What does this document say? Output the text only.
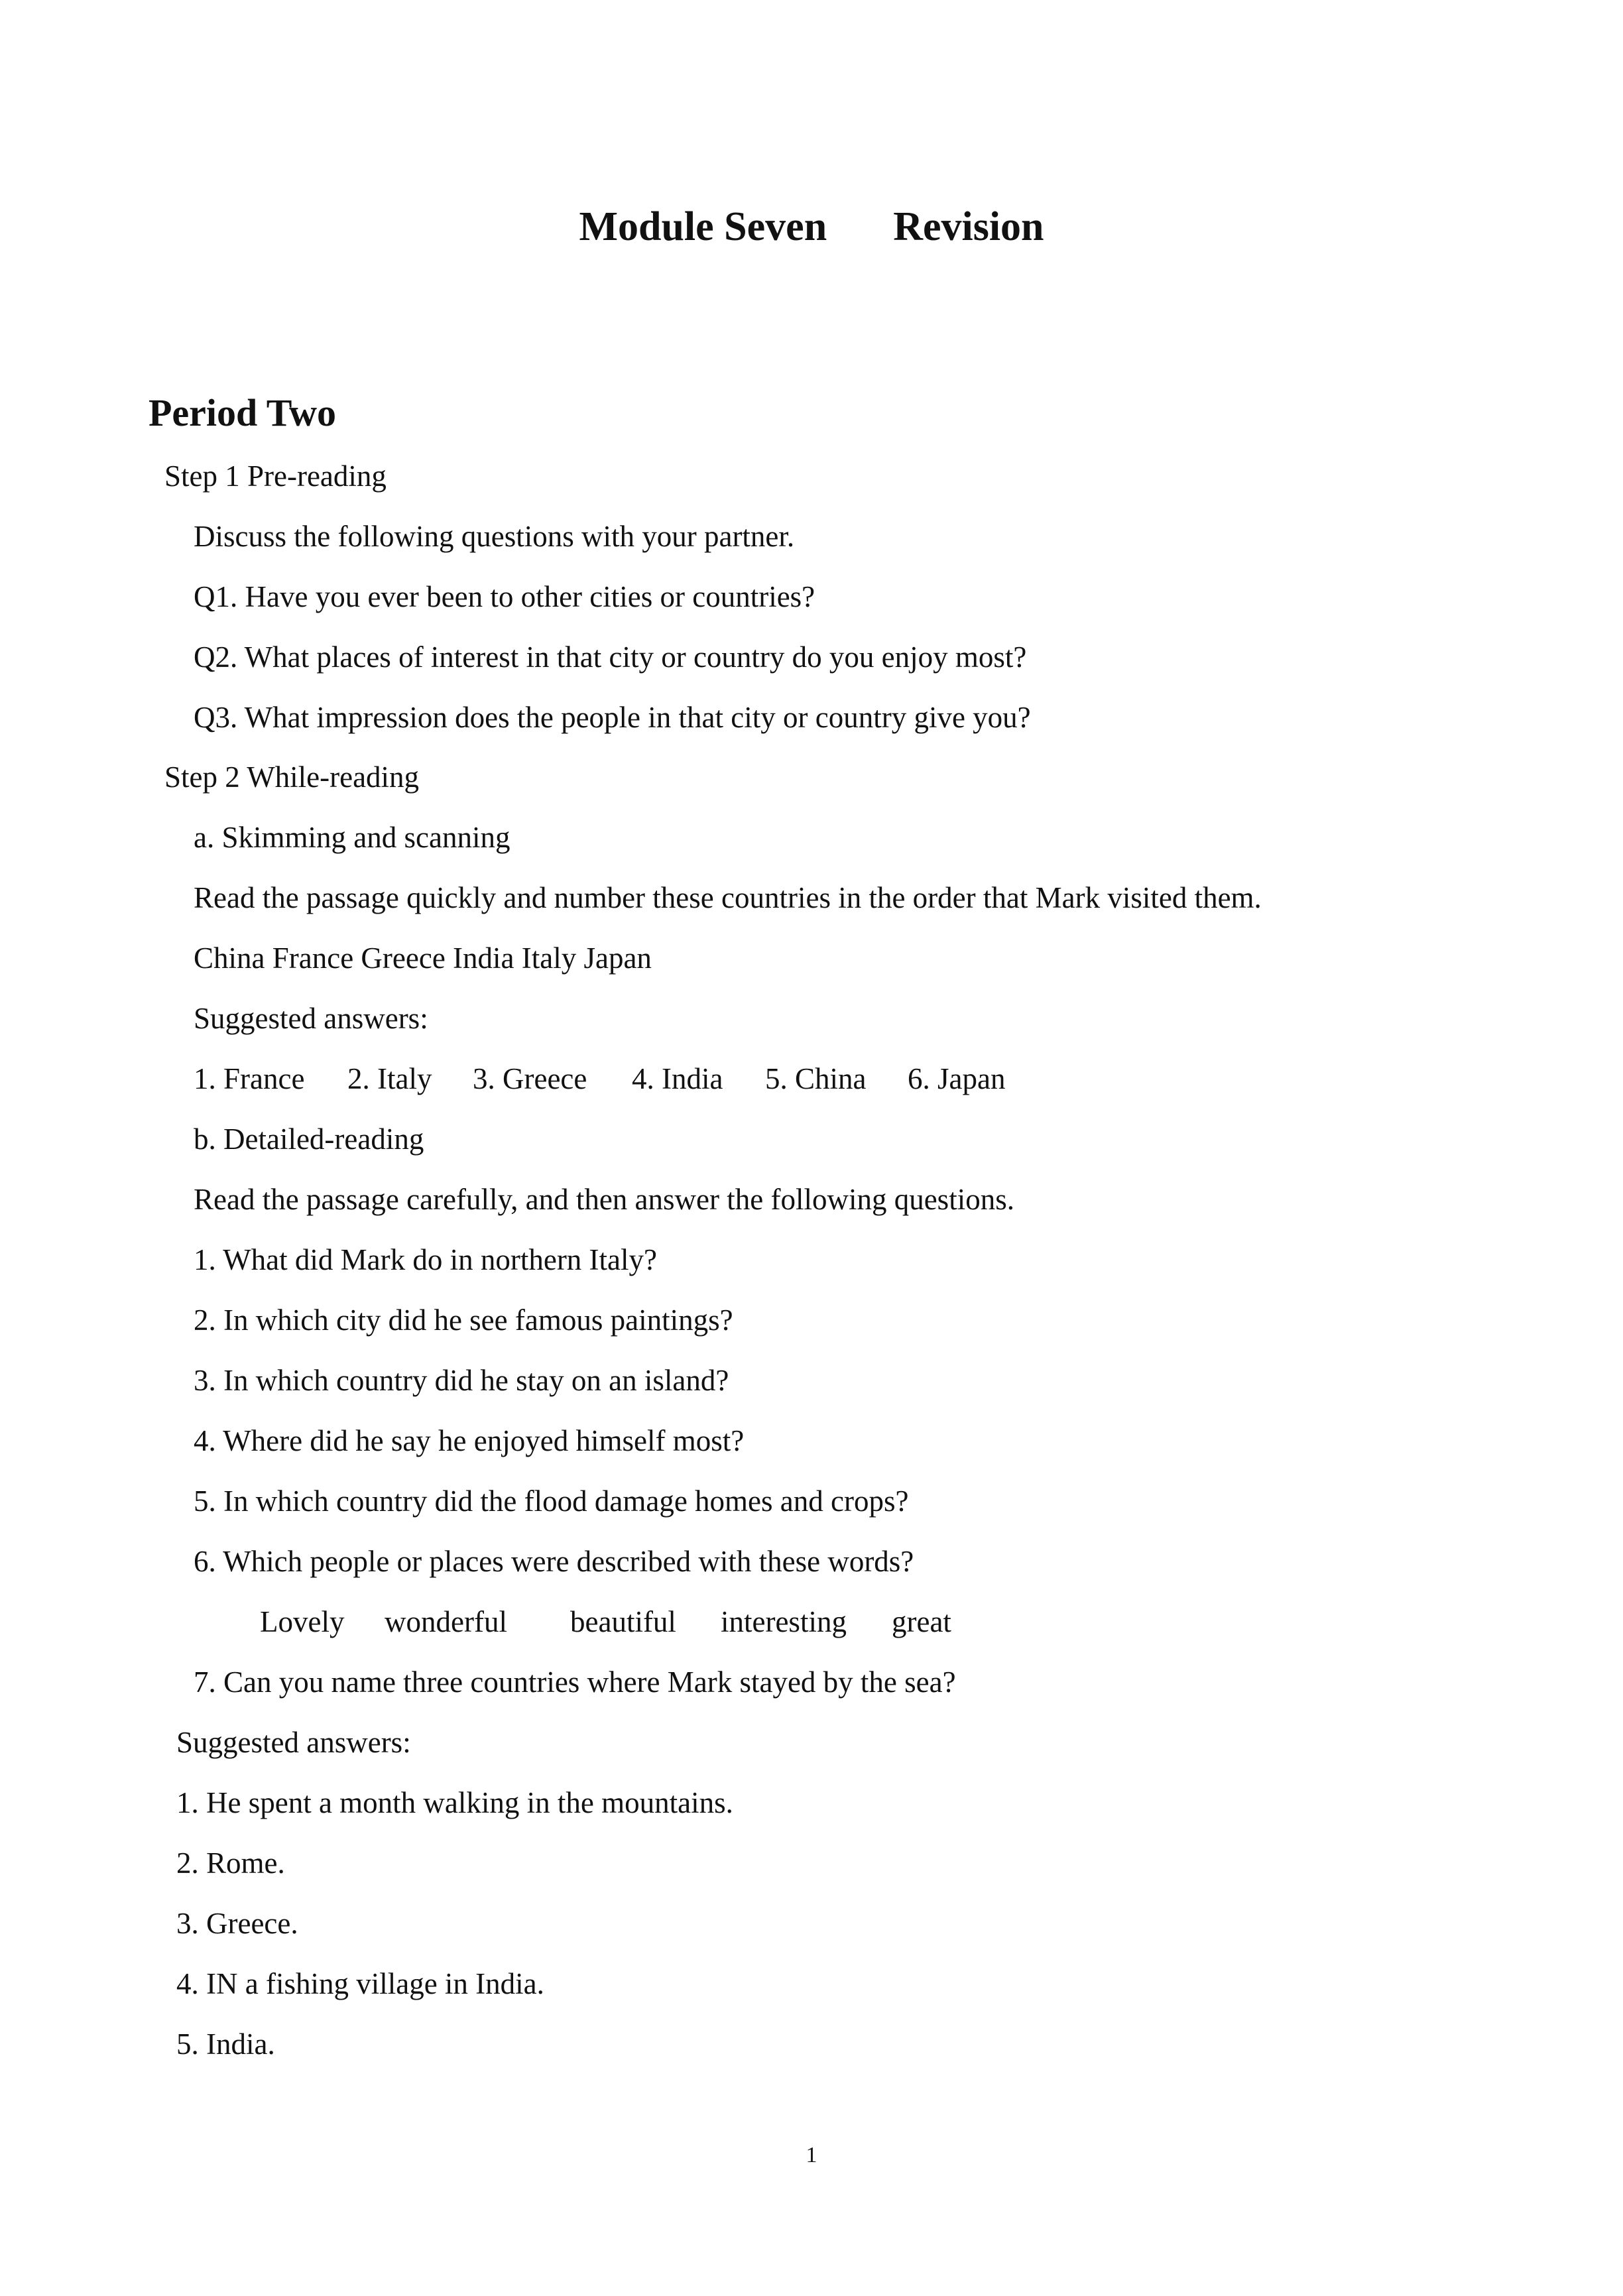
Module Seven Revision
Period Two
Step 1 Pre-reading
Discuss the following questions with your partner.
Q1. Have you ever been to other cities or countries?
Q2. What places of interest in that city or country do you enjoy most?
Q3. What impression does the people in that city or country give you?
Step 2 While-reading
a. Skimming and scanning
Read the passage quickly and number these countries in the order that Mark visited them.
China France Greece India Italy Japan
Suggested answers:
1. France 2. Italy 3. Greece 4. India 5. China 6. Japan
b. Detailed-reading
Read the passage carefully, and then answer the following questions.
1. What did Mark do in northern Italy?
2. In which city did he see famous paintings?
3. In which country did he stay on an island?
4. Where did he say he enjoyed himself most?
5. In which country did the flood damage homes and crops?
6. Which people or places were described with these words?
Lovely wonderful beautiful interesting great
7. Can you name three countries where Mark stayed by the sea?
Suggested answers:
1. He spent a month walking in the mountains.
2. Rome.
3. Greece.
4. IN a fishing village in India.
5. India.
1
